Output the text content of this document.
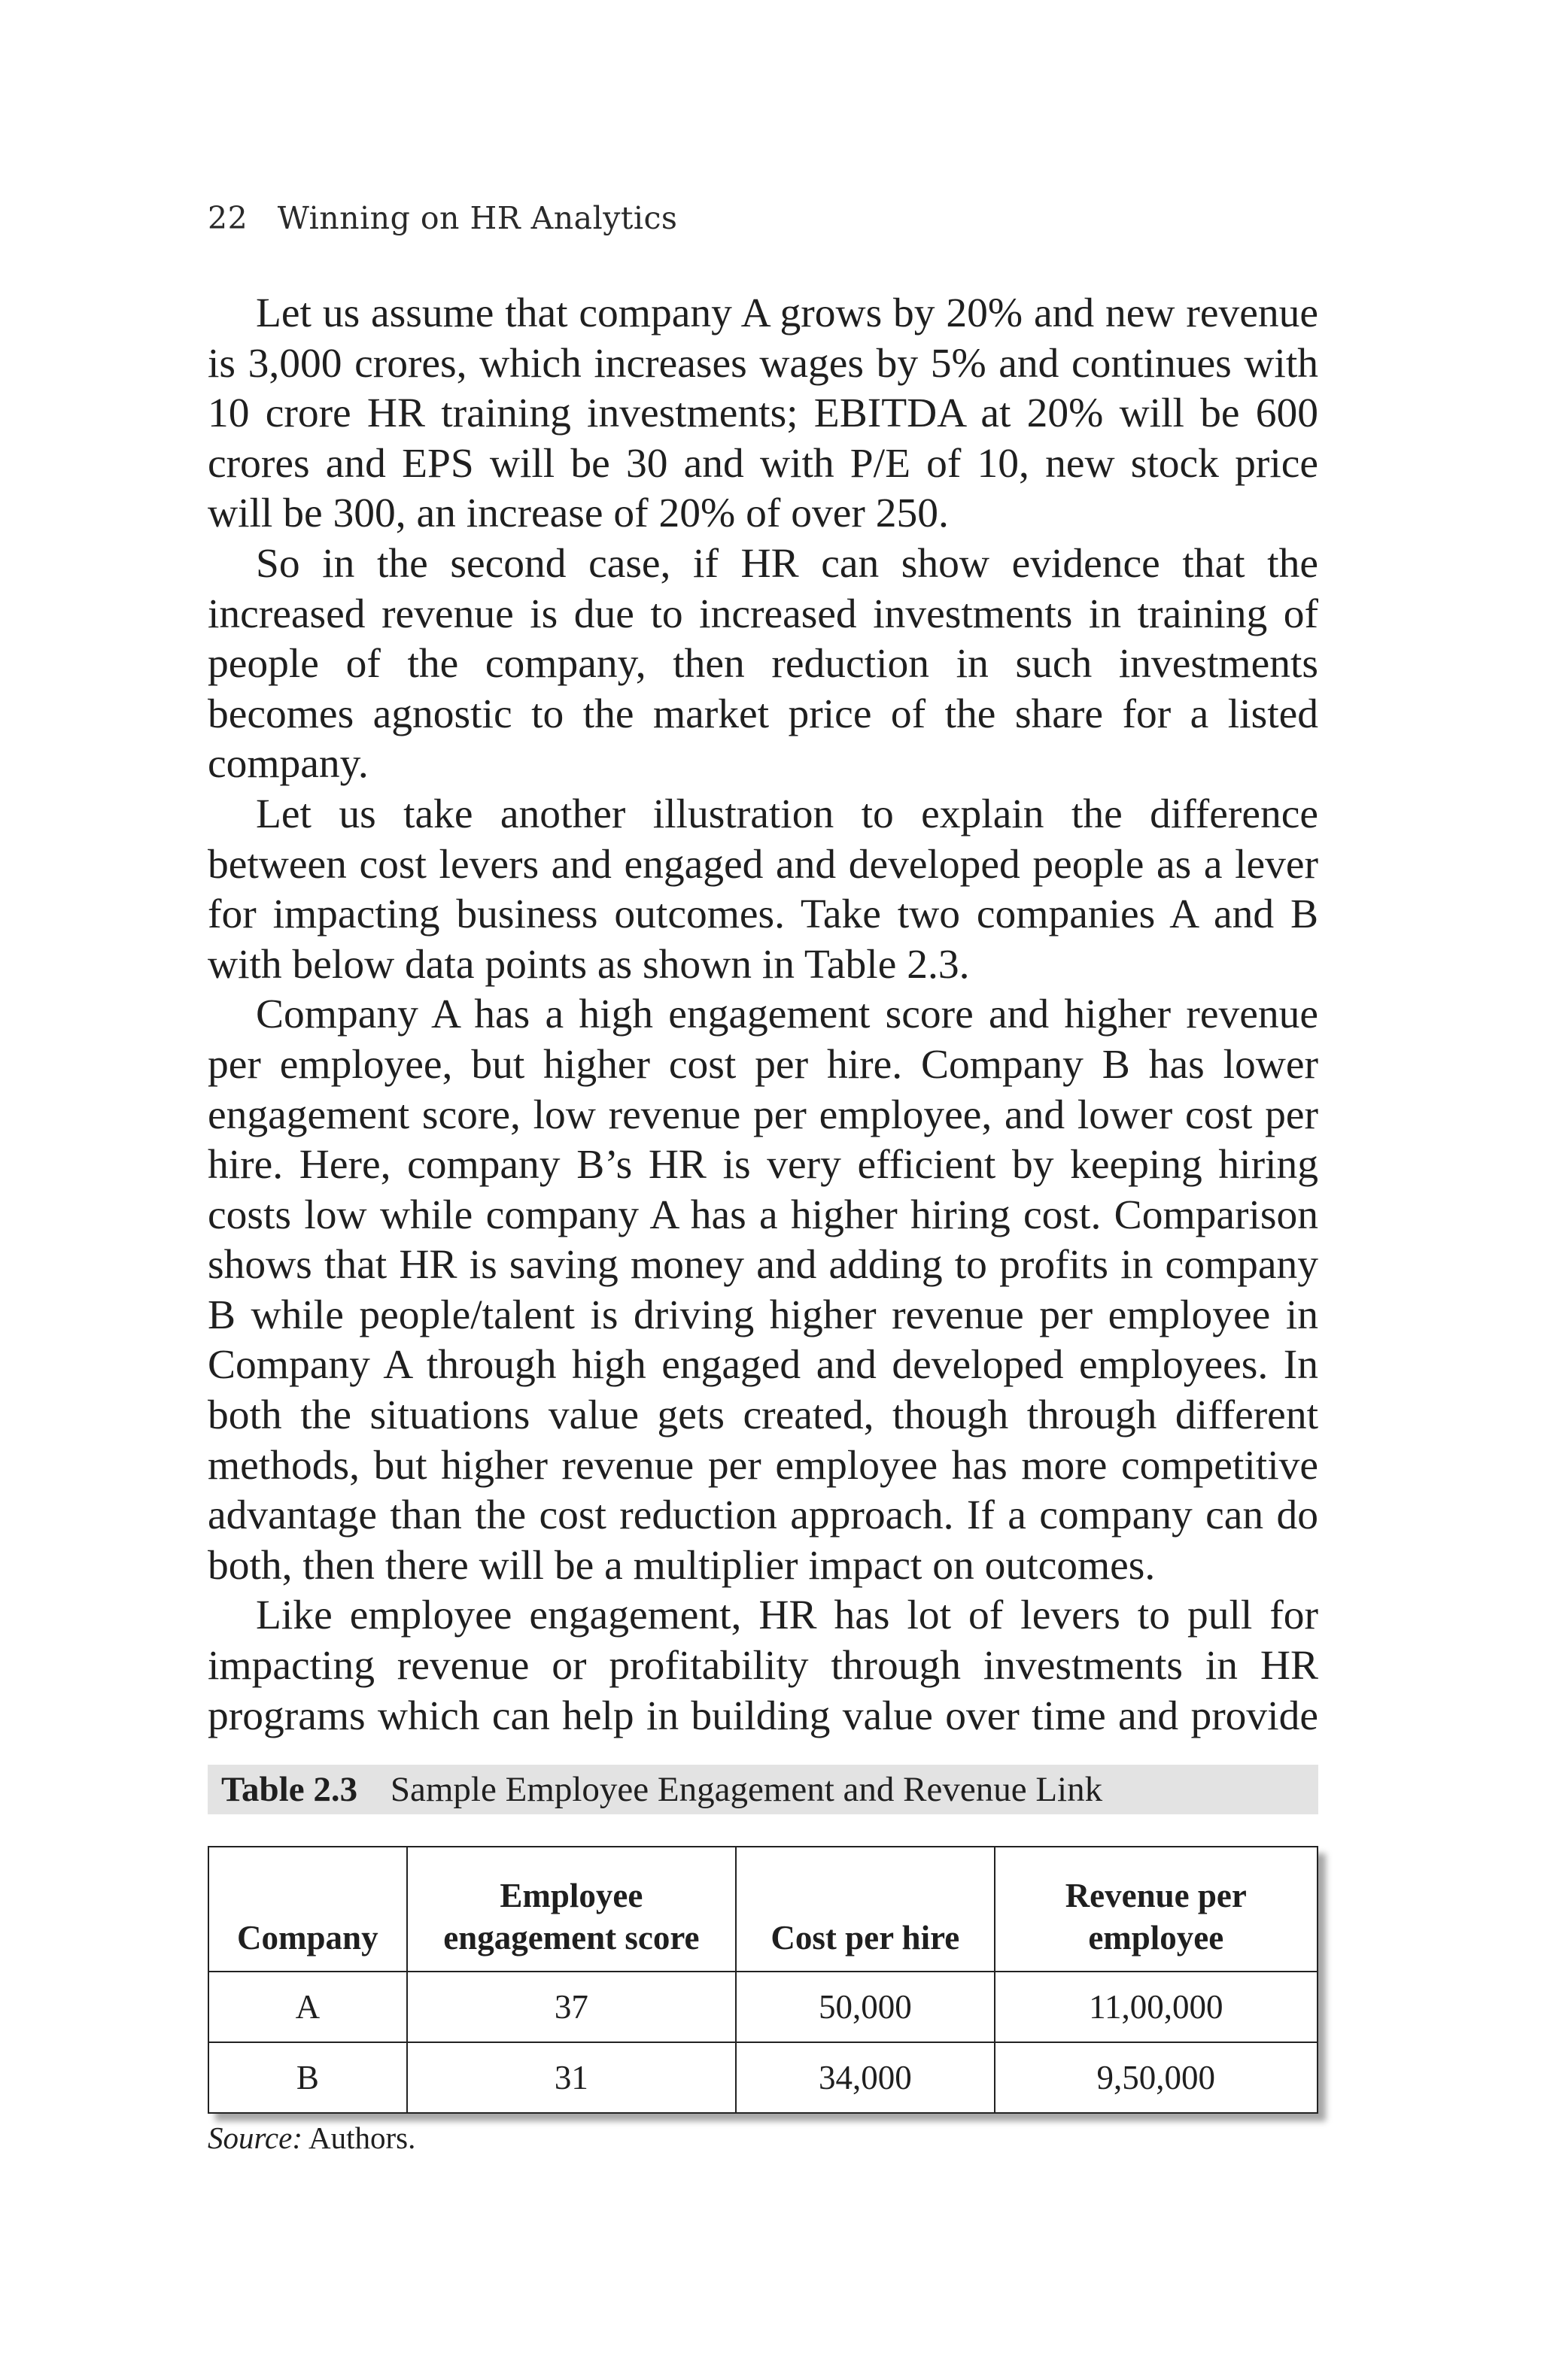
22 Winning on HR Analytics

Let us assume that company A grows by 20% and new revenue is 3,000 crores, which increases wages by 5% and continues with 10 crore HR training investments; EBITDA at 20% will be 600 crores and EPS will be 30 and with P/E of 10, new stock price will be 300, an increase of 20% of over 250.

So in the second case, if HR can show evidence that the increased revenue is due to increased investments in training of people of the company, then reduction in such investments becomes agnostic to the market price of the share for a listed company.

Let us take another illustration to explain the difference between cost levers and engaged and developed people as a lever for impacting business outcomes. Take two companies A and B with below data points as shown in Table 2.3.

Company A has a high engagement score and higher revenue per employee, but higher cost per hire. Company B has lower engagement score, low revenue per employee, and lower cost per hire. Here, company B’s HR is very efficient by keeping hiring costs low while company A has a higher hiring cost. Comparison shows that HR is saving money and adding to profits in company B while people/talent is driving higher revenue per employee in Company A through high engaged and developed employees. In both the situations value gets created, though through different methods, but higher revenue per employee has more competitive advantage than the cost reduction approach. If a company can do both, then there will be a multiplier impact on outcomes.

Like employee engagement, HR has lot of levers to pull for impacting revenue or profitability through investments in HR programs which can help in building value over time and provide

Table 2.3 Sample Employee Engagement and Revenue Link
Company	Employee engagement score	Cost per hire	Revenue per employee
A	37	50,000	11,00,000
B	31	34,000	9,50,000
Source: Authors.
